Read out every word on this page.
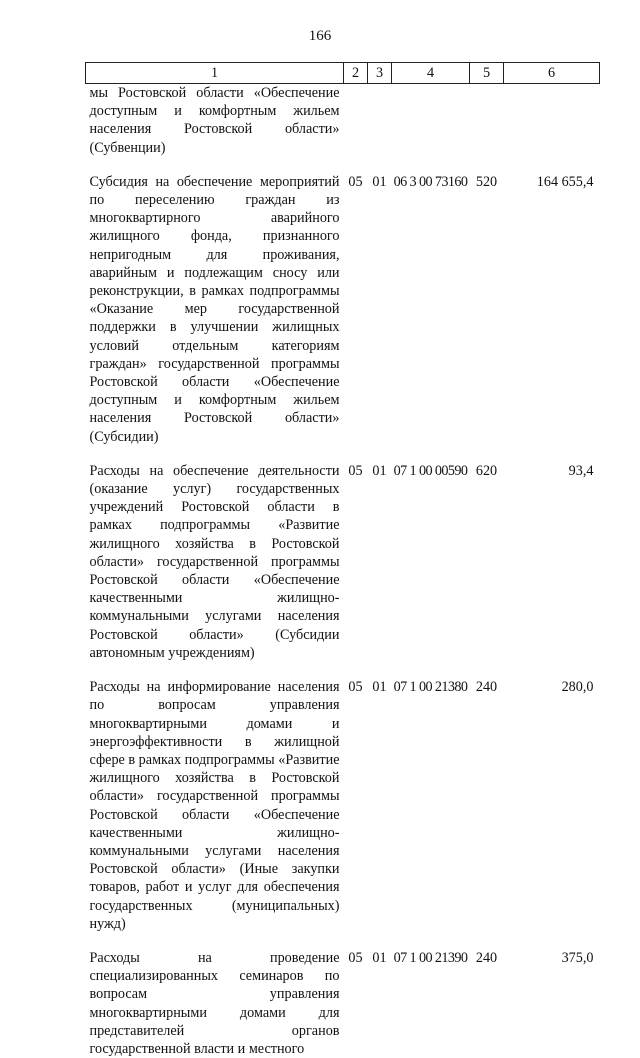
166
1	2	3	4	5	6
мы Ростовской области «Обеспечение доступным и комфортным жильем населения Ростовской области» (Субвенции)					

Субсидия на обеспечение мероприятий по переселению граждан из многоквартирного аварийного жилищного фонда, признанного непригодным для проживания, аварийным и подлежащим сносу или реконструкции, в рамках подпрограммы «Оказание мер государственной поддержки в улучшении жилищных условий отдельным категориям граждан» государственной программы Ростовской области «Обеспечение доступным и комфортным жильем населения Ростовской области» (Субсидии)	05	01	06 3 00 73160	520	164 655,4

Расходы на обеспечение деятельности (оказание услуг) государственных учреждений Ростовской области в рамках подпрограммы «Развитие жилищного хозяйства в Ростовской области» государственной программы Ростовской области «Обеспечение качественными жилищно-коммунальными услугами населения Ростовской области» (Субсидии автономным учреждениям)	05	01	07 1 00 00590	620	93,4

Расходы на информирование населения по вопросам управления многоквартирными домами и энергоэффективности в жилищной сфере в рамках подпрограммы «Развитие жилищного хозяйства в Ростовской области» государственной программы Ростовской области «Обеспечение качественными жилищно-коммунальными услугами населения Ростовской области» (Иные закупки товаров, работ и услуг для обеспечения государственных (муниципальных) нужд)	05	01	07 1 00 21380	240	280,0

Расходы на проведение специализированных семинаров по вопросам управления многоквартирными домами для представителей органов государственной власти и местного	05	01	07 1 00 21390	240	375,0
